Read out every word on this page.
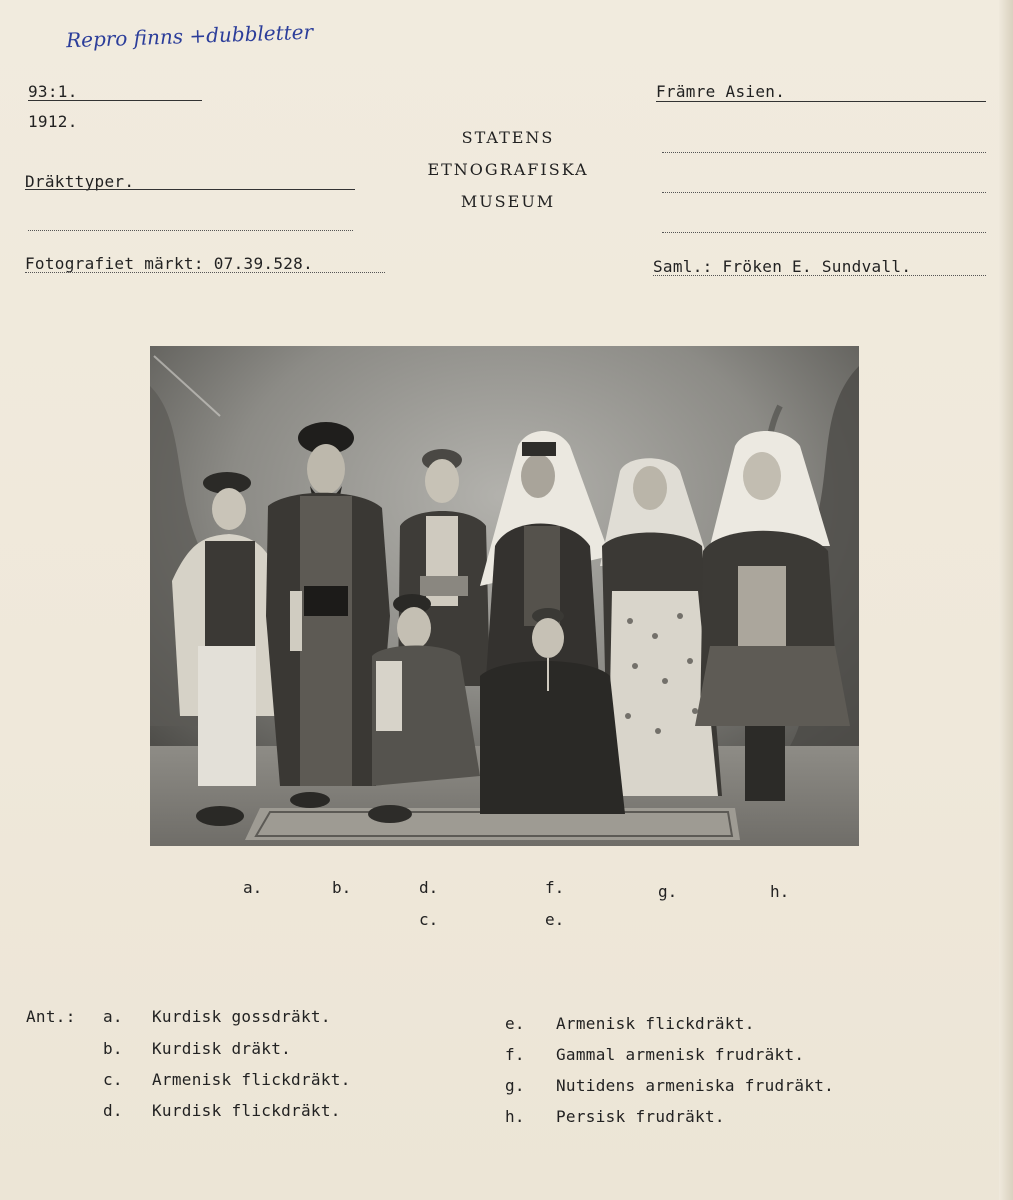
Repro finns +dubbletter
93:1.
1912.
Dräkttyper.
Fotografiet märkt: 07.39.528.
STATENS
ETNOGRAFISKA
MUSEUM
Främre Asien.
Saml.: Fröken E. Sundvall.
a.	b.	d.
c.
f.
e.
g.	h.
Ant.: a. Kurdisk gossdräkt.
b. Kurdisk dräkt.
c. Armenisk flickdräkt.
d. Kurdisk flickdräkt.
e. Armenisk flickdräkt.
f. Gammal armenisk frudräkt.
g. Nutidens armeniska frudräkt.
h. Persisk frudräkt.
